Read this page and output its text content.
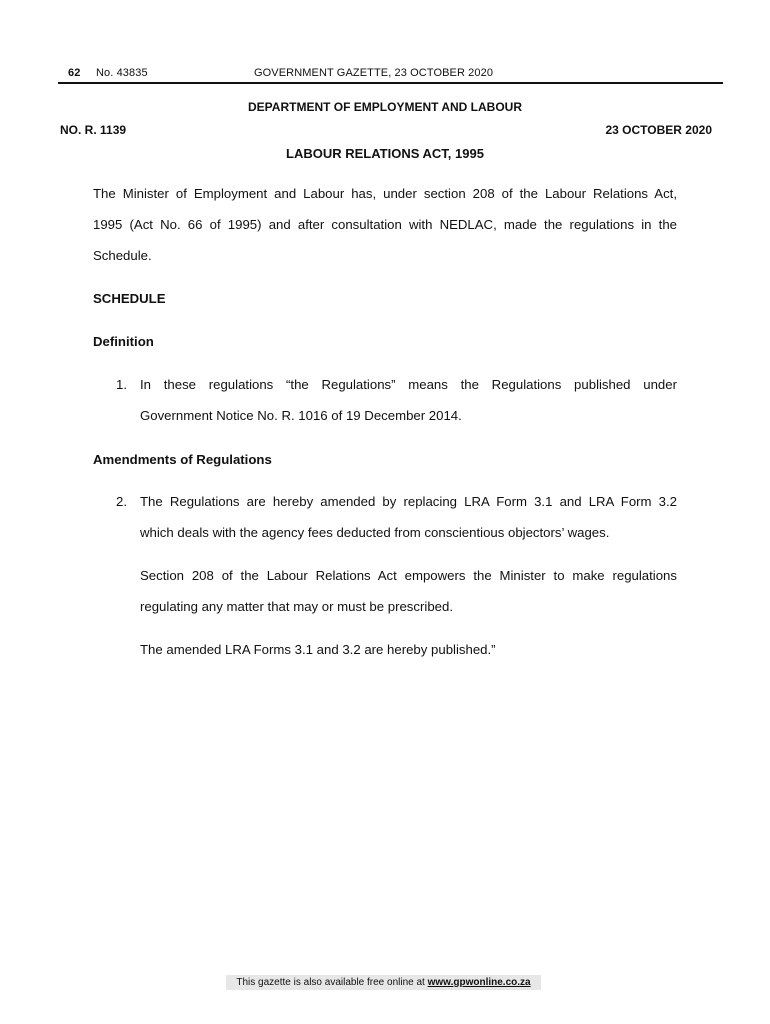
62 No. 43835	GOVERNMENT GAZETTE, 23 OCTOBER 2020
DEPARTMENT OF EMPLOYMENT AND LABOUR
NO. R. 1139	23 OCTOBER 2020
LABOUR RELATIONS ACT, 1995
The Minister of Employment and Labour has, under section 208 of the Labour Relations Act,
1995 (Act No. 66 of 1995) and after consultation with NEDLAC, made the regulations in the
Schedule.
SCHEDULE
Definition
1. In these regulations “the Regulations” means the Regulations published under
Government Notice No. R. 1016 of 19 December 2014.
Amendments of Regulations
2. The Regulations are hereby amended by replacing LRA Form 3.1 and LRA Form 3.2
which deals with the agency fees deducted from conscientious objectors’ wages.
Section 208 of the Labour Relations Act empowers the Minister to make regulations
regulating any matter that may or must be prescribed.
The amended LRA Forms 3.1 and 3.2 are hereby published.”
This gazette is also available free online at www.gpwonline.co.za
